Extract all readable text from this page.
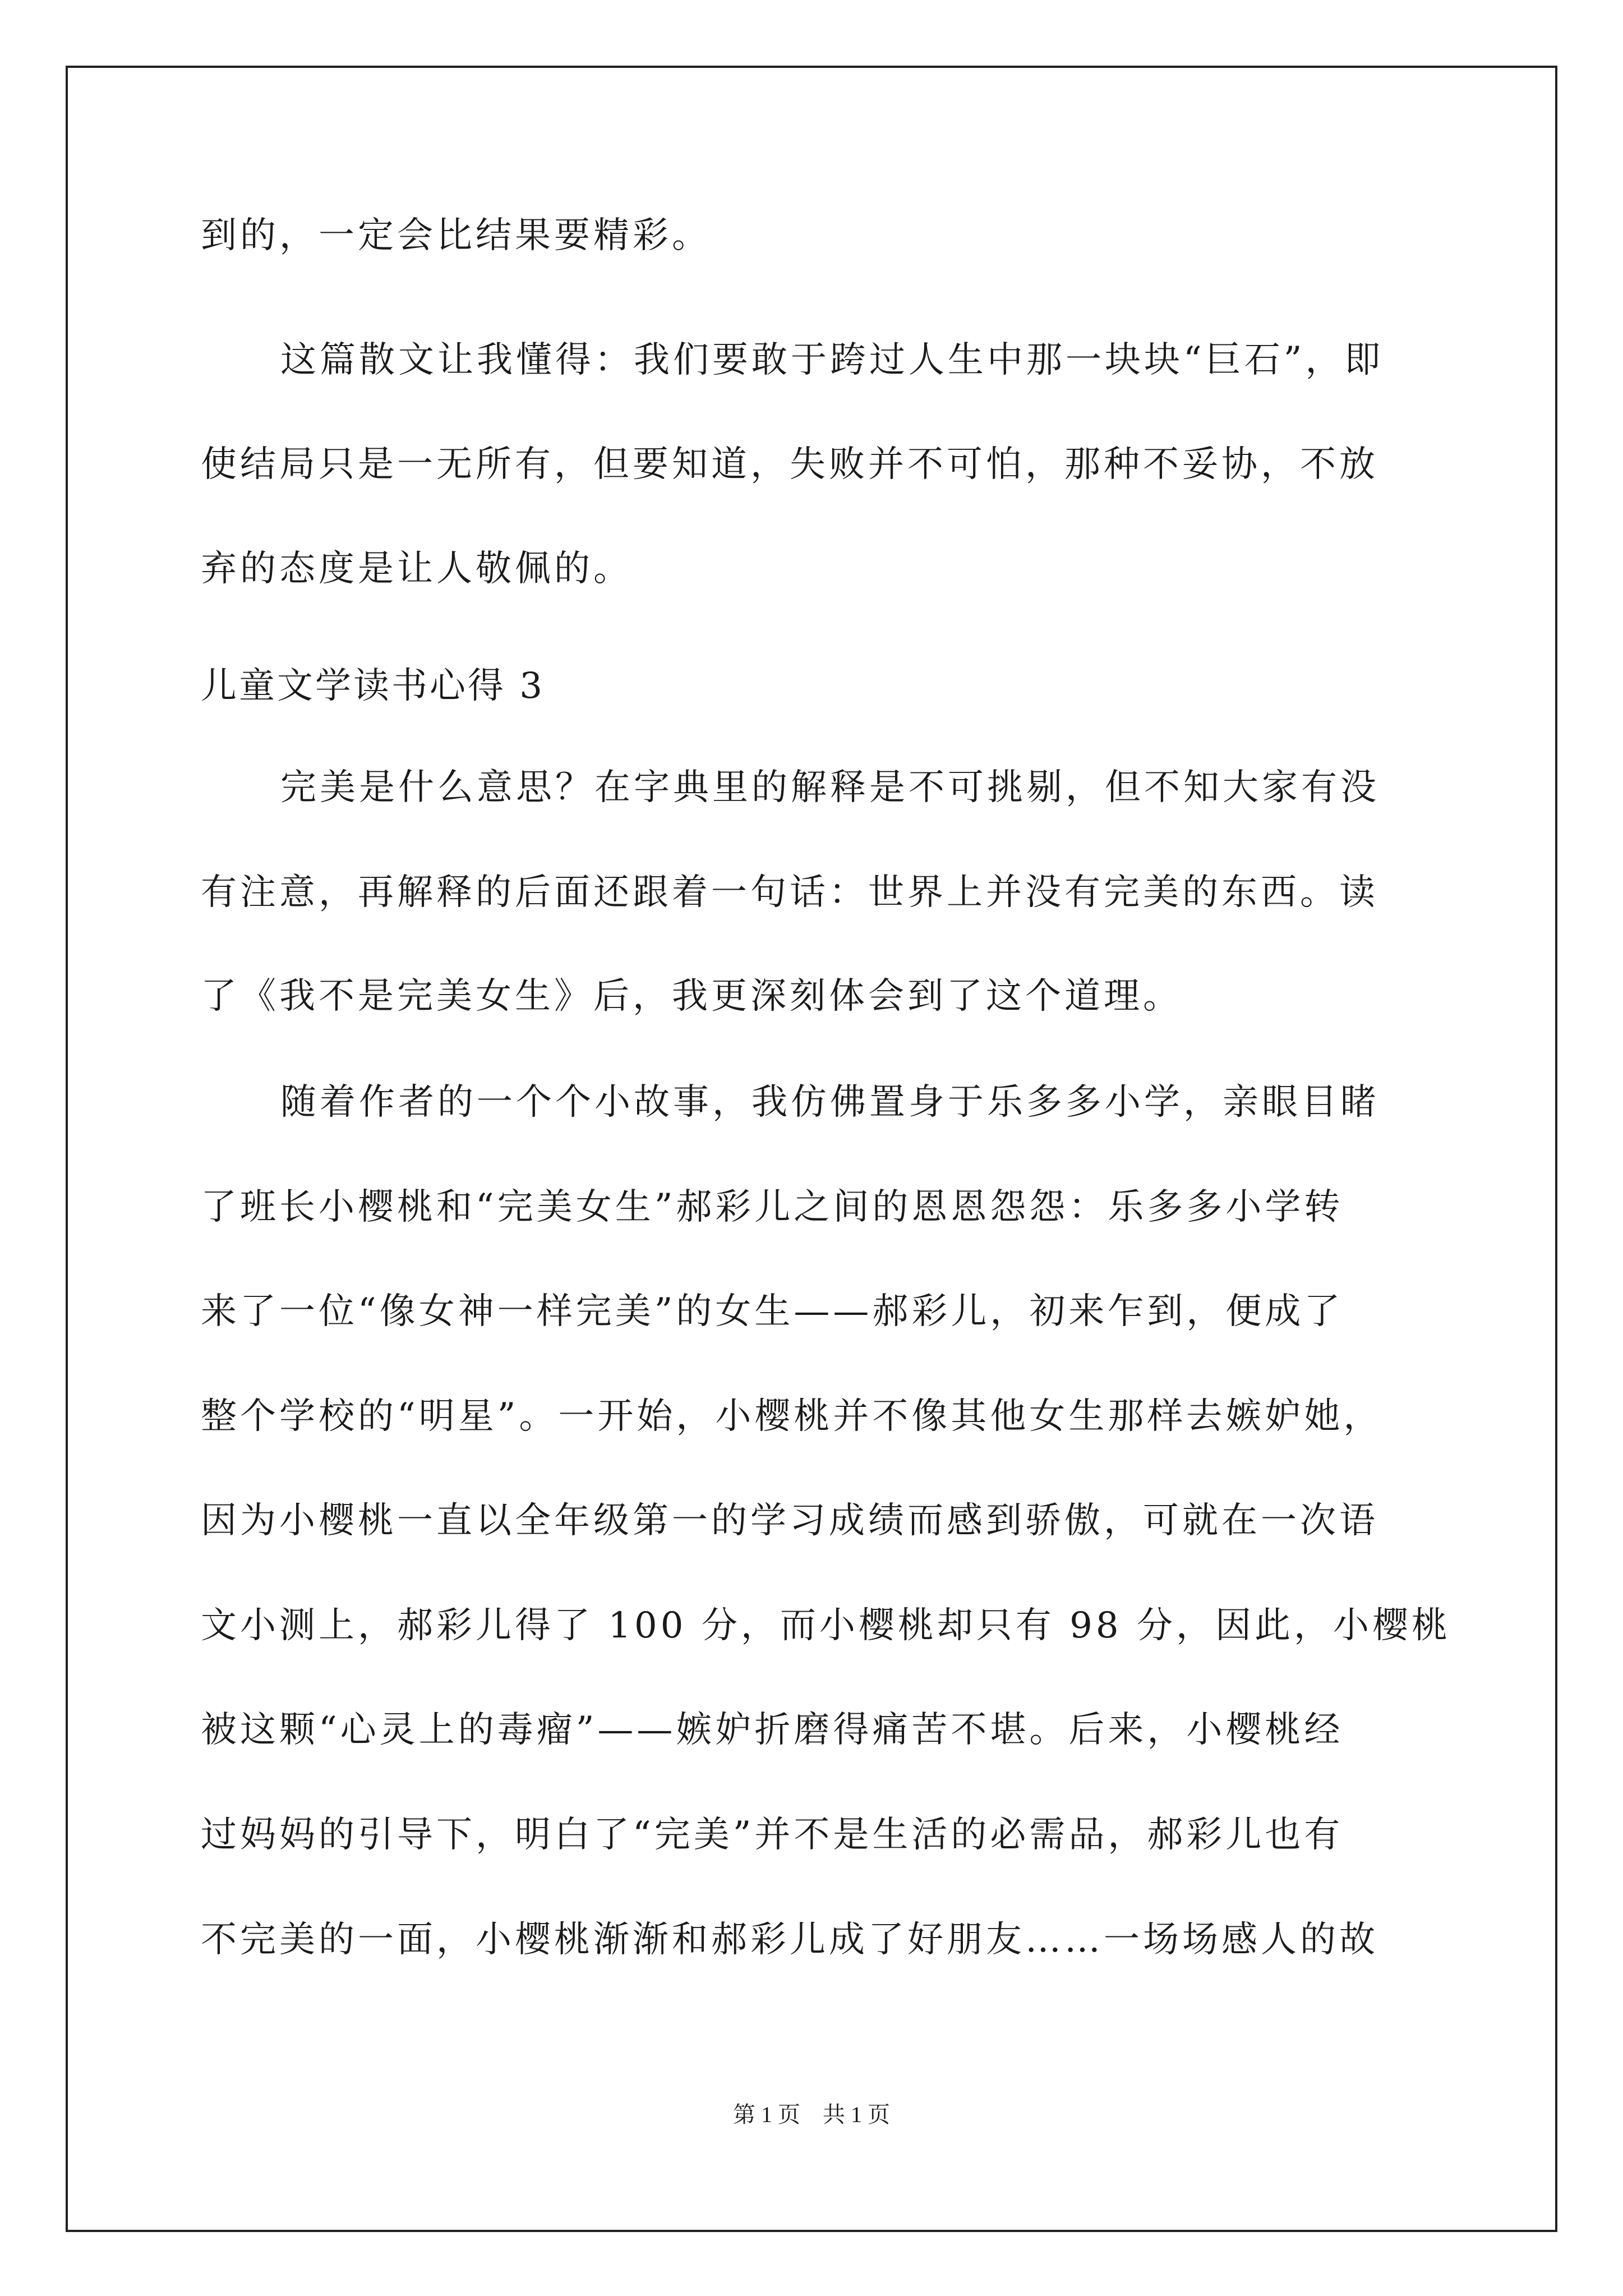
到的，一定会比结果要精彩。
这篇散文让我懂得：我们要敢于跨过人生中那一块块“巨石”，即
使结局只是一无所有，但要知道，失败并不可怕，那种不妥协，不放
弃的态度是让人敬佩的。
儿童文学读书心得 3
完美是什么意思？在字典里的解释是不可挑剔，但不知大家有没
有注意，再解释的后面还跟着一句话：世界上并没有完美的东西。读
了《我不是完美女生》后，我更深刻体会到了这个道理。
随着作者的一个个小故事，我仿佛置身于乐多多小学，亲眼目睹
了班长小樱桃和“完美女生”郝彩儿之间的恩恩怨怨：乐多多小学转
来了一位“像女神一样完美”的女生——郝彩儿，初来乍到，便成了
整个学校的“明星”。一开始，小樱桃并不像其他女生那样去嫉妒她，
因为小樱桃一直以全年级第一的学习成绩而感到骄傲，可就在一次语
文小测上，郝彩儿得了 100 分，而小樱桃却只有 98 分，因此，小樱桃
被这颗“心灵上的毒瘤”——嫉妒折磨得痛苦不堪。后来，小樱桃经
过妈妈的引导下，明白了“完美”并不是生活的必需品，郝彩儿也有
不完美的一面，小樱桃渐渐和郝彩儿成了好朋友……一场场感人的故
第 1 页    共 1 页
